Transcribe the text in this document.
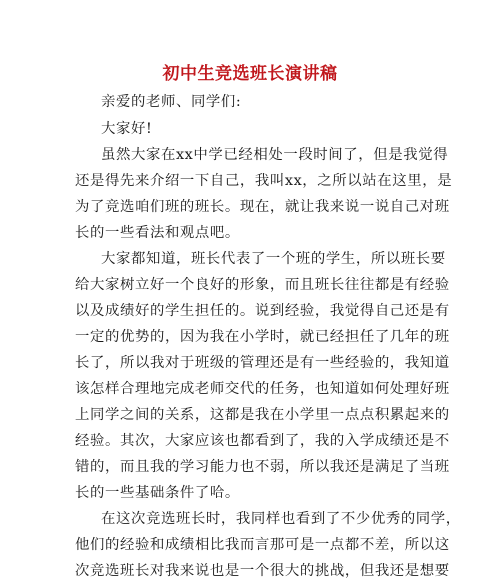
初中生竞选班长演讲稿
亲爱的老师、同学们:
大家好!
虽然大家在xx中学已经相处一段时间了，但是我觉得
还是得先来介绍一下自己，我叫xx，之所以站在这里，是
为了竞选咱们班的班长。现在，就让我来说一说自己对班
长的一些看法和观点吧。
大家都知道，班长代表了一个班的学生，所以班长要
给大家树立好一个良好的形象，而且班长往往都是有经验
以及成绩好的学生担任的。说到经验，我觉得自己还是有
一定的优势的，因为我在小学时，就已经担任了几年的班
长了，所以我对于班级的管理还是有一些经验的，我知道
该怎样合理地完成老师交代的任务，也知道如何处理好班
上同学之间的关系，这都是我在小学里一点点积累起来的
经验。其次，大家应该也都看到了，我的入学成绩还是不
错的，而且我的学习能力也不弱，所以我还是满足了当班
长的一些基础条件了哈。
在这次竞选班长时，我同样也看到了不少优秀的同学，
他们的经验和成绩相比我而言那可是一点都不差，所以这
次竞选班长对我来说也是一个很大的挑战，但我还是想要
